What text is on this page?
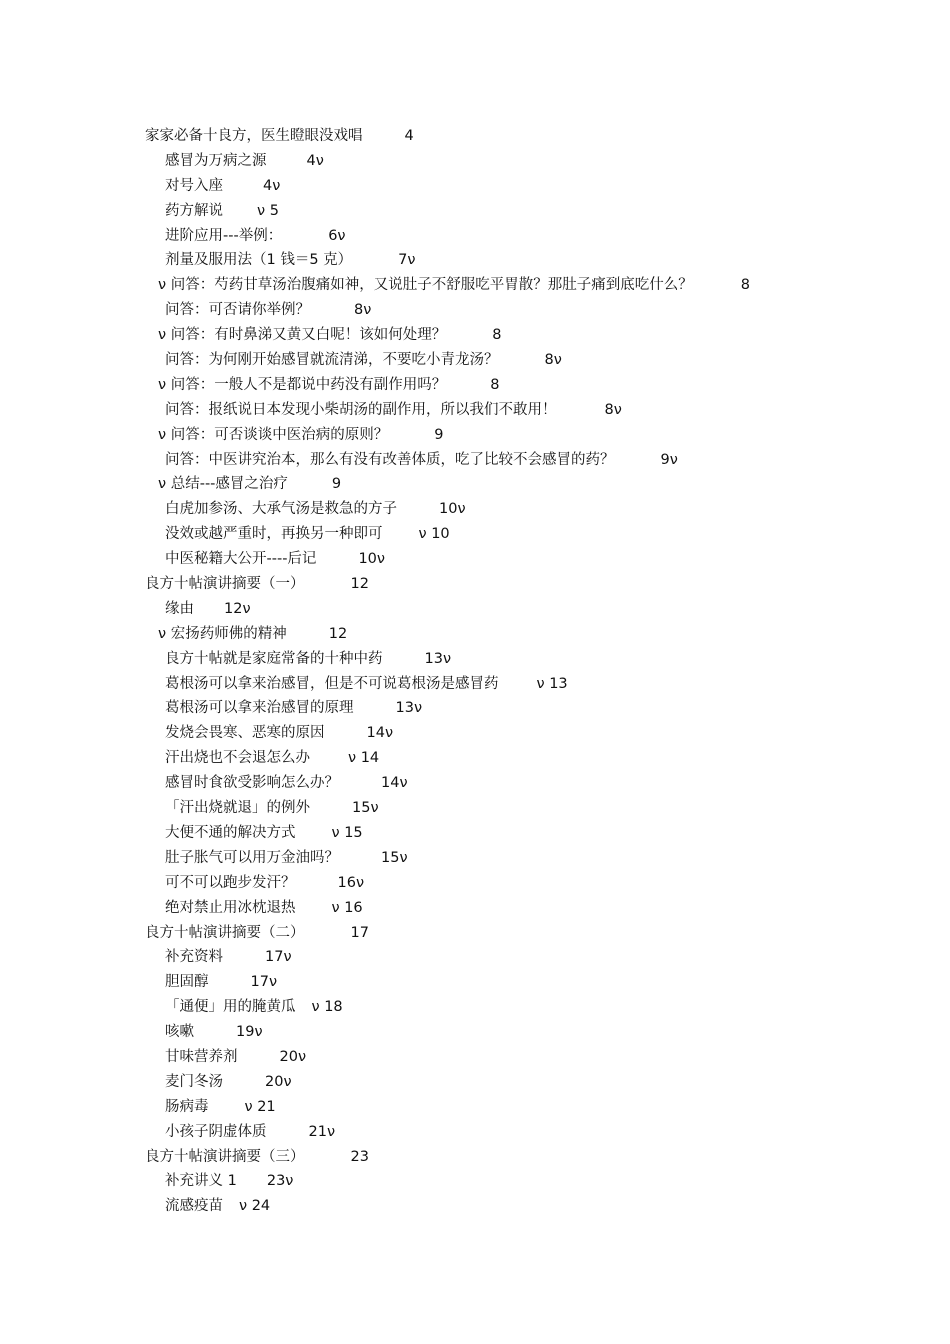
家家必备十良方，医生瞪眼没戏唱	4
感冒为万病之源	4ν
对号入座	4ν
药方解说 ν 5
进阶应用---举例：	6ν
剂量及服用法（1 钱＝5 克）	7ν
ν 问答：芍药甘草汤治腹痛如神，又说肚子不舒服吃平胃散？那肚子痛到底吃什么？	8
问答：可否请你举例？	8ν
ν 问答：有时鼻涕又黄又白呢！该如何处理？	8
问答：为何刚开始感冒就流清涕，不要吃小青龙汤？	8ν
ν 问答：一般人不是都说中药没有副作用吗？	8
问答：报纸说日本发现小柴胡汤的副作用，所以我们不敢用！	8ν
ν 问答：可否谈谈中医治病的原则？	9
问答：中医讲究治本，那么有没有改善体质，吃了比较不会感冒的药？	9ν
ν 总结---感冒之治疗	9
白虎加参汤、大承气汤是救急的方子	10ν
没效或越严重时，再换另一种即可 ν 10
中医秘籍大公开----后记	10ν
良方十帖演讲摘要（一）	12
缘由 12ν
ν 宏扬药师佛的精神	12
良方十帖就是家庭常备的十种中药	13ν
葛根汤可以拿来治感冒，但是不可说葛根汤是感冒药	ν 13
葛根汤可以拿来治感冒的原理	13ν
发烧会畏寒、恶寒的原因	14ν
汗出烧也不会退怎么办	ν 14
感冒时食欲受影响怎么办？	14ν
「汗出烧就退」的例外	15ν
大便不通的解决方式 ν 15
肚子胀气可以用万金油吗？	15ν
可不可以跑步发汗？	16ν
绝对禁止用冰枕退热 ν 16
良方十帖演讲摘要（二）	17
补充资料	17ν
胆固醇	17ν
「通便」用的腌黄瓜 ν 18
咳嗽	19ν
甘味营养剂	20ν
麦门冬汤	20ν
肠病毒 ν 21
小孩子阴虚体质	21ν
良方十帖演讲摘要（三）	23
补充讲义 1 23ν
流感疫苗 ν 24
